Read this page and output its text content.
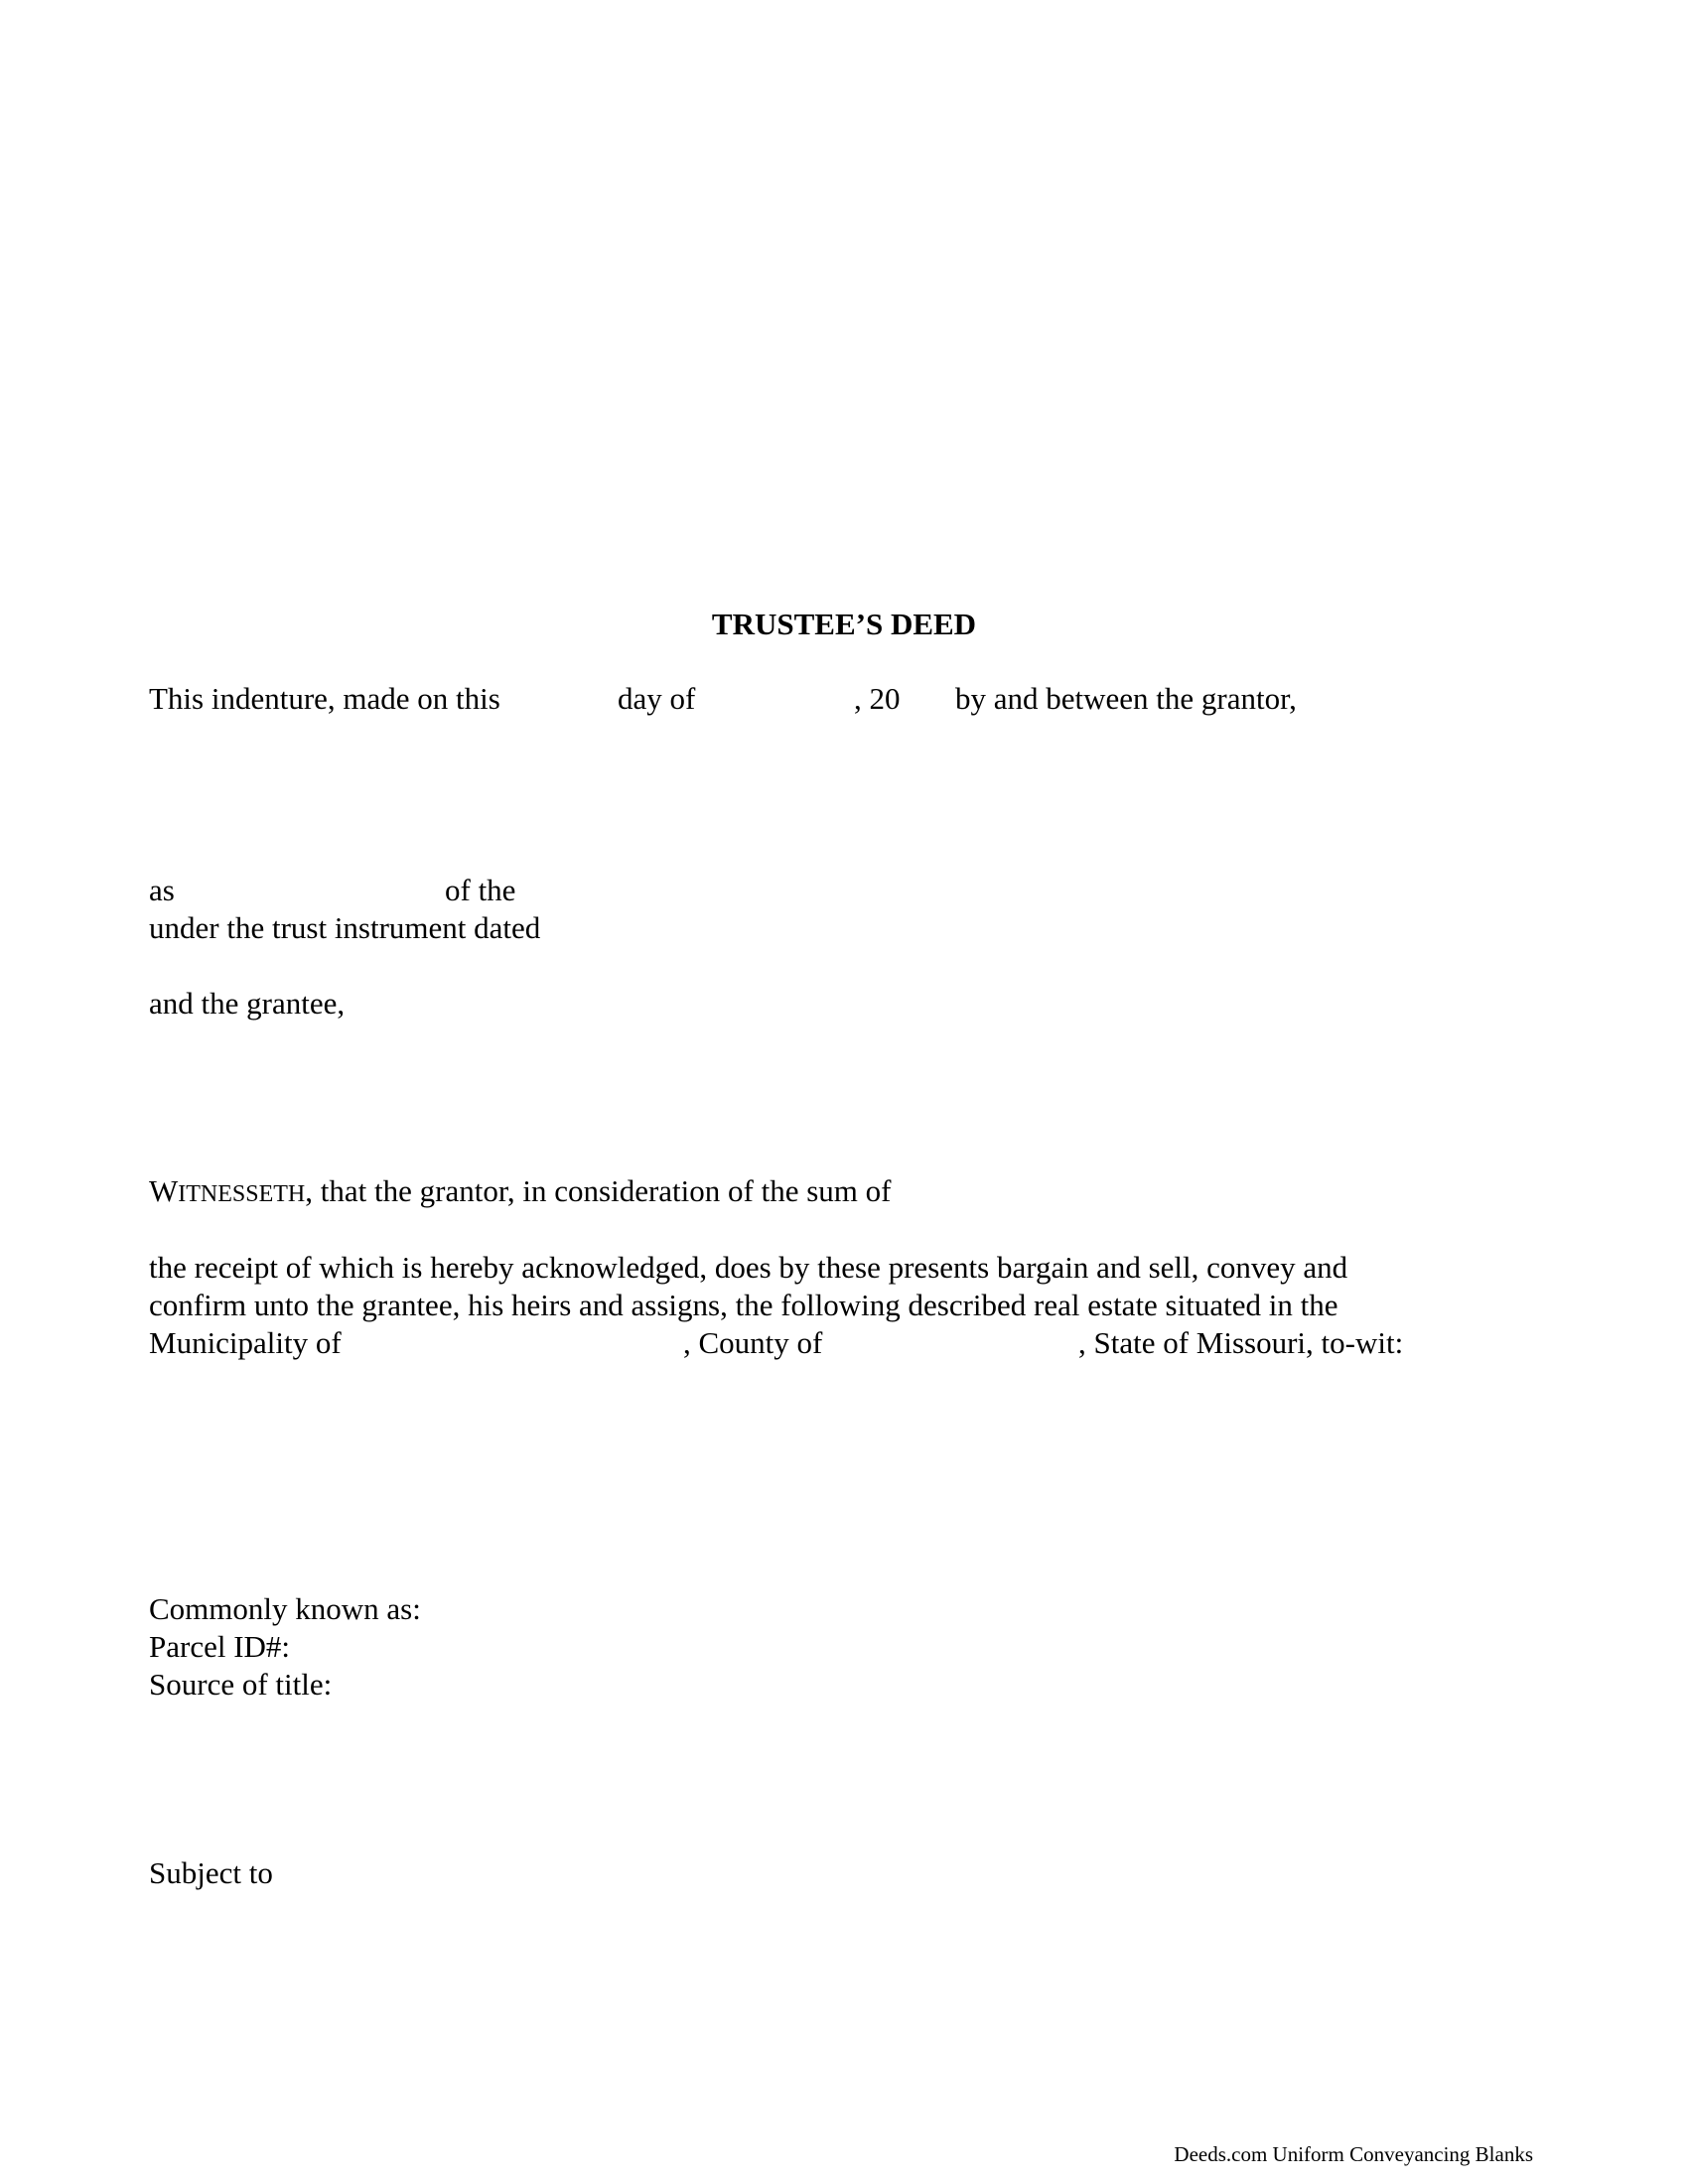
TRUSTEE’S DEED
This indenture, made on this	day of	, 20 by and between the grantor,
as	of the
under the trust instrument dated
and the grantee,
WITNESSETH, that the grantor, in consideration of the sum of
the receipt of which is hereby acknowledged, does by these presents bargain and sell, convey and
confirm unto the grantee, his heirs and assigns, the following described real estate situated in the
Municipality of	, County of	, State of Missouri, to-wit:
Commonly known as:
Parcel ID#:
Source of title:
Subject to
Deeds.com Uniform Conveyancing Blanks
